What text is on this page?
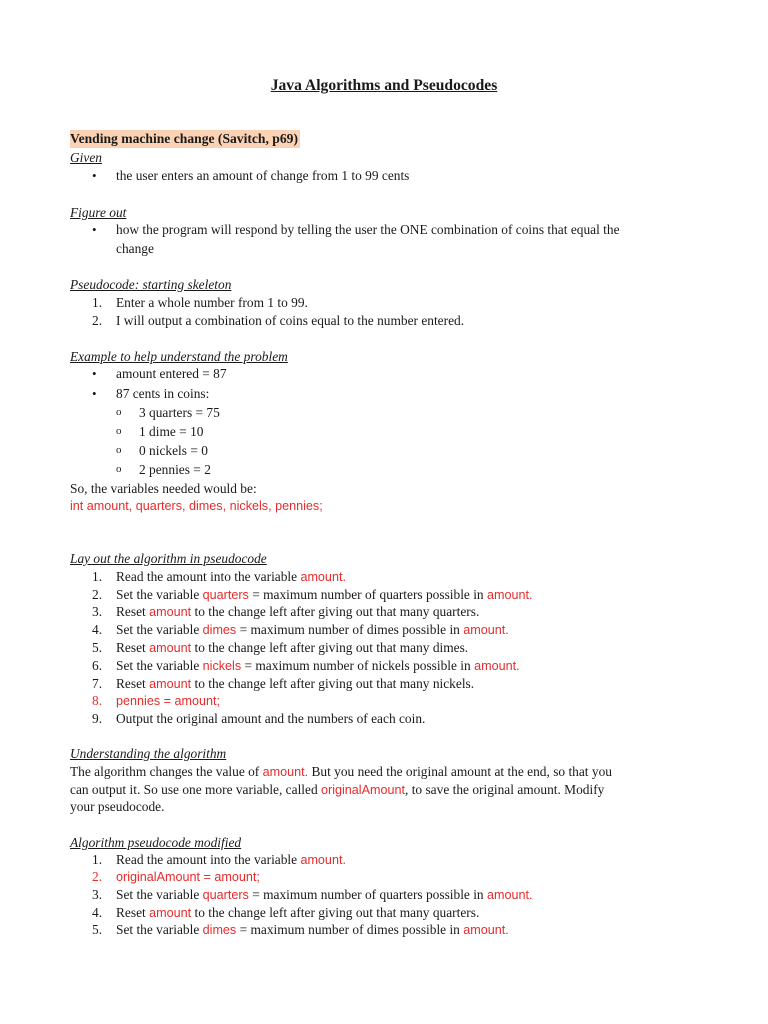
Java Algorithms and Pseudocodes
Vending machine change (Savitch, p69)
Given
• the user enters an amount of change from 1 to 99 cents
Figure out
• how the program will respond by telling the user the ONE combination of coins that equal the
change
Pseudocode: starting skeleton
1. Enter a whole number from 1 to 99.
2. I will output a combination of coins equal to the number entered.
Example to help understand the problem
• amount entered = 87
• 87 cents in coins:
o 3 quarters = 75
o 1 dime = 10
o 0 nickels = 0
o 2 pennies = 2
So, the variables needed would be:
int amount, quarters, dimes, nickels, pennies;
Lay out the algorithm in pseudocode
1. Read the amount into the variable amount.
2. Set the variable quarters = maximum number of quarters possible in amount.
3. Reset amount to the change left after giving out that many quarters.
4. Set the variable dimes = maximum number of dimes possible in amount.
5. Reset amount to the change left after giving out that many dimes.
6. Set the variable nickels = maximum number of nickels possible in amount.
7. Reset amount to the change left after giving out that many nickels.
8. pennies = amount;
9. Output the original amount and the numbers of each coin.
Understanding the algorithm
The algorithm changes the value of amount. But you need the original amount at the end, so that you
can output it. So use one more variable, called originalAmount, to save the original amount. Modify
your pseudocode.
Algorithm pseudocode modified
1. Read the amount into the variable amount.
2. originalAmount = amount;
3. Set the variable quarters = maximum number of quarters possible in amount.
4. Reset amount to the change left after giving out that many quarters.
5. Set the variable dimes = maximum number of dimes possible in amount.
